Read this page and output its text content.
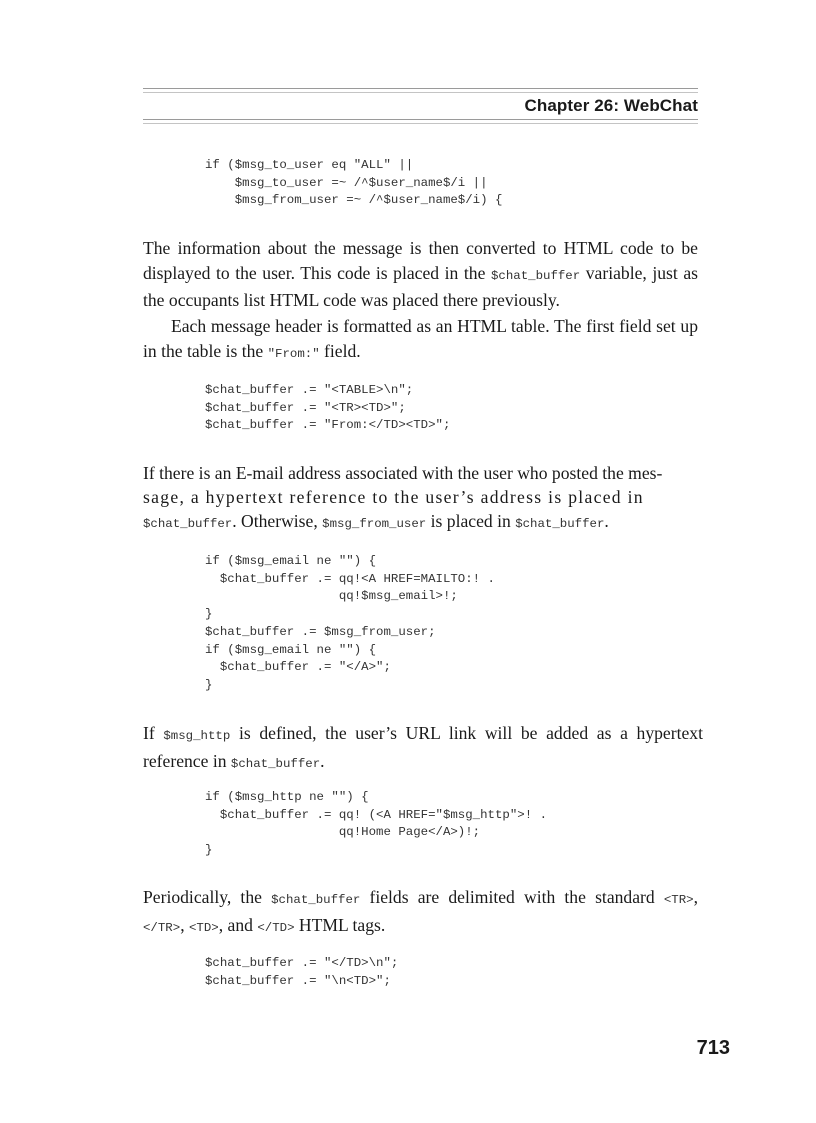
Chapter 26: WebChat
if ($msg_to_user eq "ALL" ||
$msg_to_user =~ /^$user_name$/i ||
$msg_from_user =~ /^$user_name$/i) {

The information about the message is then converted to HTML code to be displayed to the user. This code is placed in the $chat_buffer variable, just as the occupants list HTML code was placed there previously.

Each message header is formatted as an HTML table. The first field set up in the table is the "From:" field.

$chat_buffer .= "<TABLE>\n";
$chat_buffer .= "<TR><TD>";
$chat_buffer .= "From:</TD><TD>";

If there is an E-mail address associated with the user who posted the mes-

sage, a hypertext reference to the user’s address is placed in

$chat_buffer. Otherwise, $msg_from_user is placed in $chat_buffer.

if ($msg_email ne "") {
$chat_buffer .= qq!<A HREF=MAILTO:! .
qq!$msg_email>!;
}
$chat_buffer .= $msg_from_user;
if ($msg_email ne "") {
$chat_buffer .= "</A>";
}

If $msg_http is defined, the user’s URL link will be added as a hypertext reference in $chat_buffer.

if ($msg_http ne "") {
$chat_buffer .= qq! (<A HREF="$msg_http">! .
qq!Home Page</A>)!;
}

Periodically, the $chat_buffer fields are delimited with the standard <TR>, </TR>, <TD>, and </TD> HTML tags.

$chat_buffer .= "</TD>\n";
$chat_buffer .= "\n<TD>";
713
